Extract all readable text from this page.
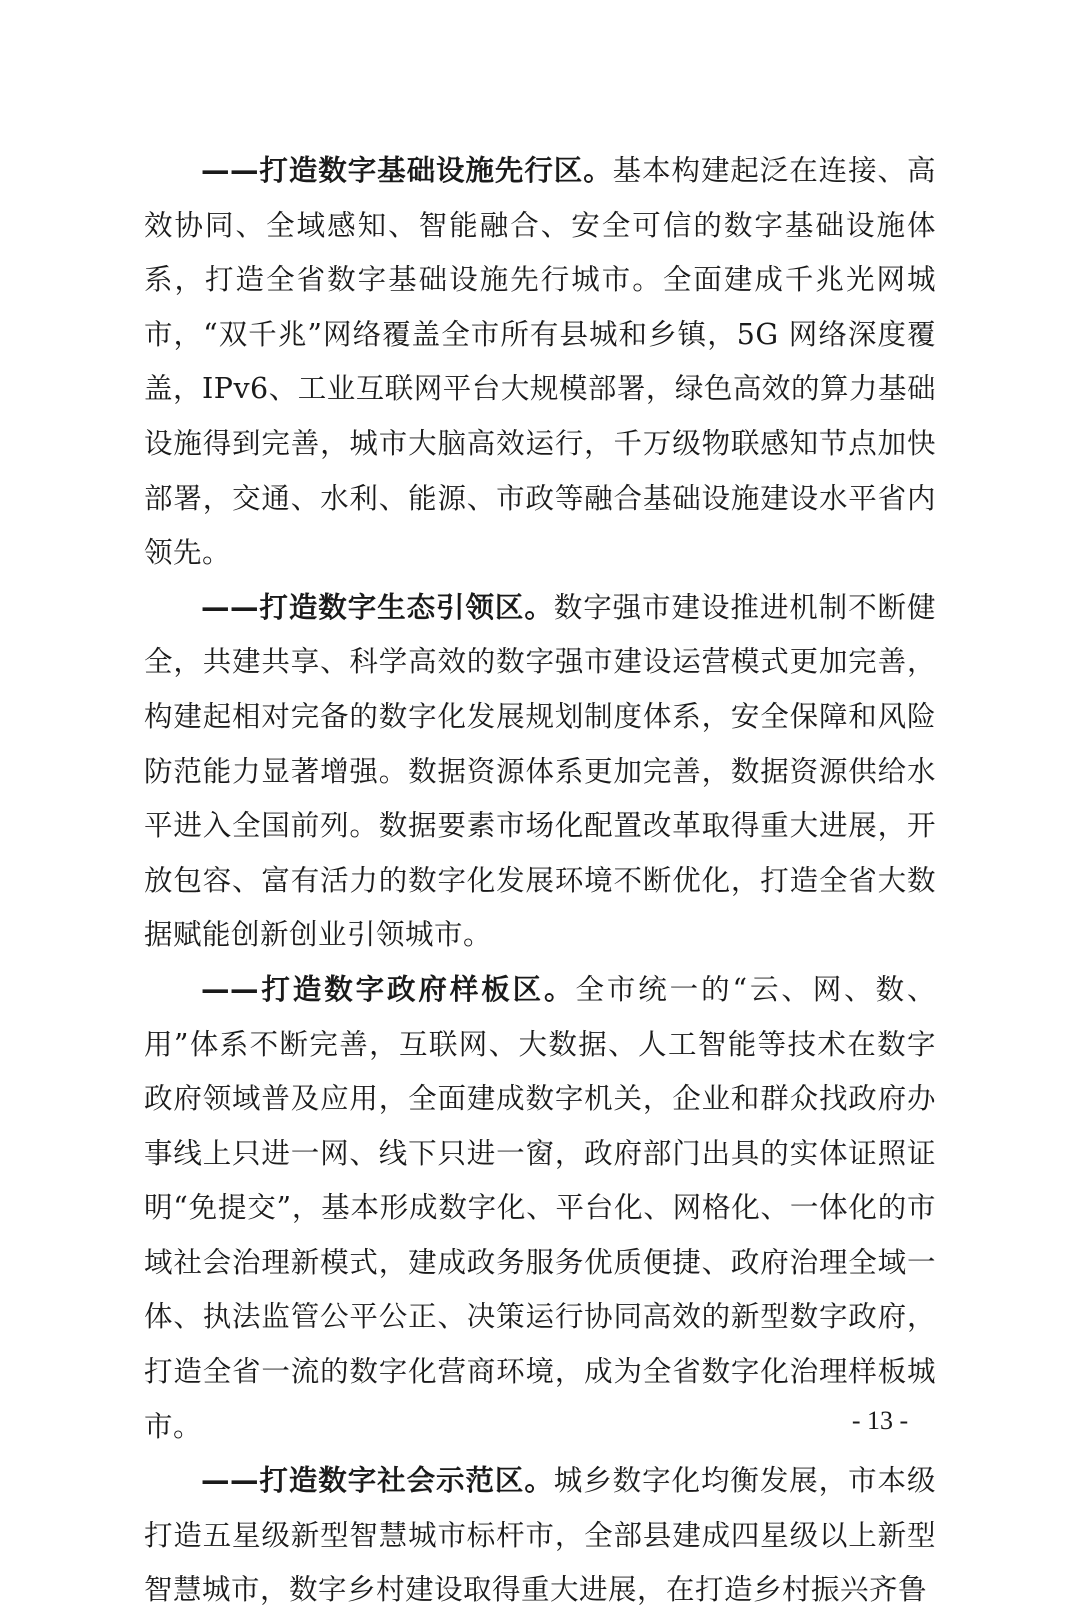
——打造数字基础设施先行区。基本构建起泛在连接、高效协同、全域感知、智能融合、安全可信的数字基础设施体系，打造全省数字基础设施先行城市。全面建成千兆光网城市，“双千兆”网络覆盖全市所有县城和乡镇，5G 网络深度覆盖，IPv6、工业互联网平台大规模部署，绿色高效的算力基础设施得到完善，城市大脑高效运行，千万级物联感知节点加快部署，交通、水利、能源、市政等融合基础设施建设水平省内领先。

——打造数字生态引领区。数字强市建设推进机制不断健全，共建共享、科学高效的数字强市建设运营模式更加完善，构建起相对完备的数字化发展规划制度体系，安全保障和风险防范能力显著增强。数据资源体系更加完善，数据资源供给水平进入全国前列。数据要素市场化配置改革取得重大进展，开放包容、富有活力的数字化发展环境不断优化，打造全省大数据赋能创新创业引领城市。

——打造数字政府样板区。全市统一的“云、网、数、用”体系不断完善，互联网、大数据、人工智能等技术在数字政府领域普及应用，全面建成数字机关，企业和群众找政府办事线上只进一网、线下只进一窗，政府部门出具的实体证照证明“免提交”，基本形成数字化、平台化、网格化、一体化的市域社会治理新模式，建成政务服务优质便捷、政府治理全域一体、执法监管公平公正、决策运行协同高效的新型数字政府，打造全省一流的数字化营商环境，成为全省数字化治理样板城市。

——打造数字社会示范区。城乡数字化均衡发展，市本级打造五星级新型智慧城市标杆市，全部县建成四星级以上新型智慧城市，数字乡村建设取得重大进展，在打造乡村振兴齐鲁

- 13 -
